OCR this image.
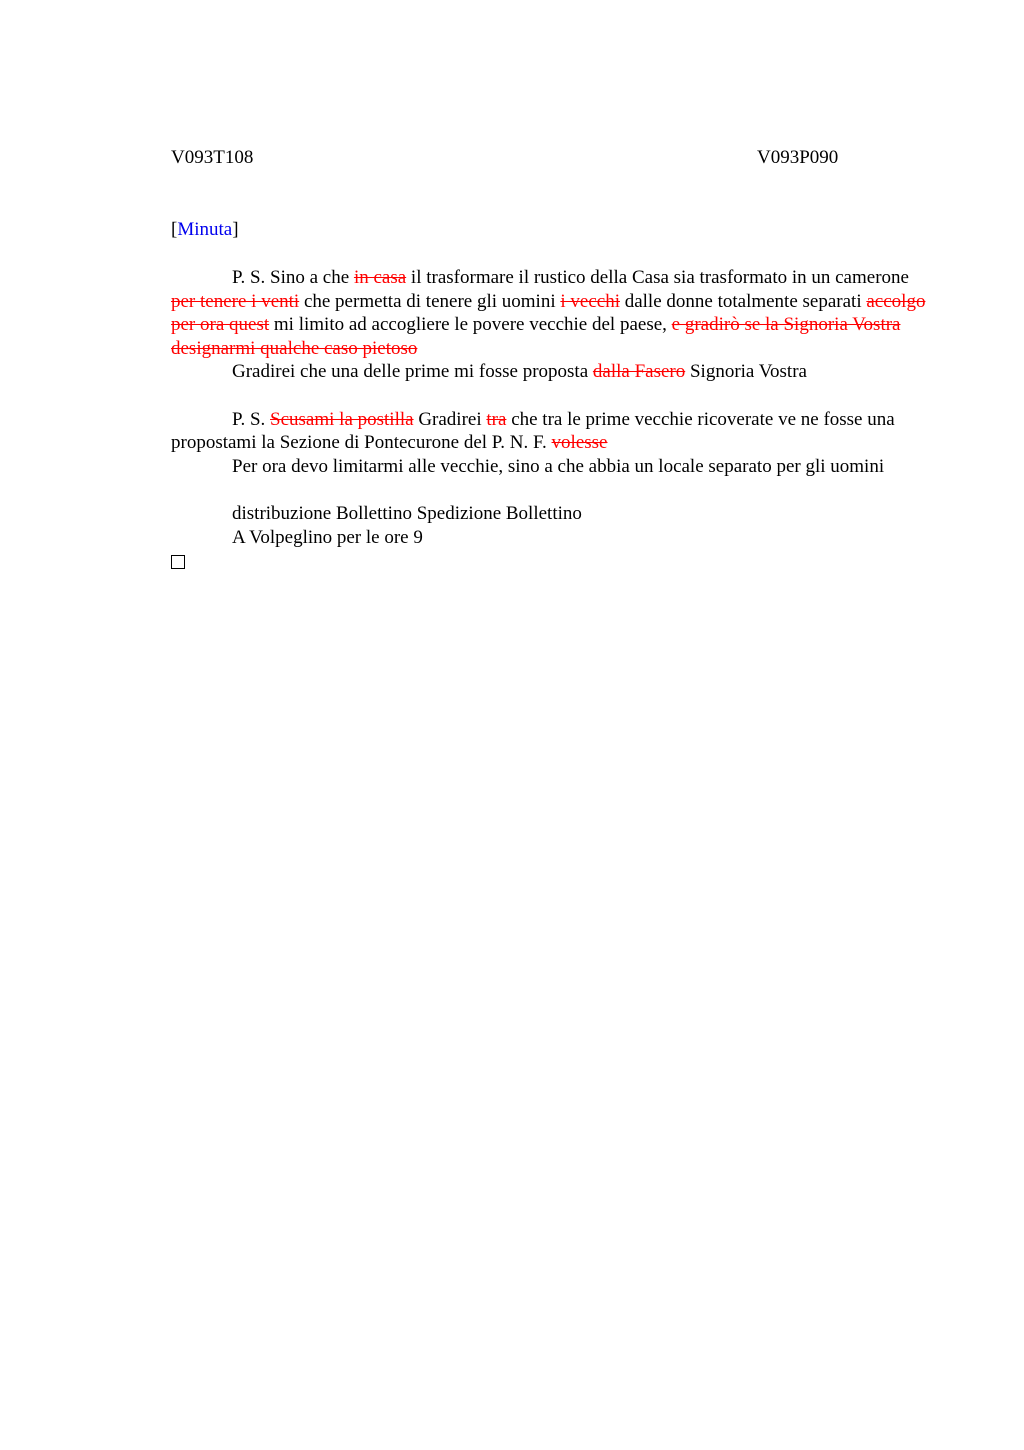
V093T108	V093P090
[Minuta]

P. S. Sino a che in casa il trasformare il rustico della Casa sia trasformato in un camerone per tenere i venti che permetta di tenere gli uomini i vecchi dalle donne totalmente separati accolgo per ora quest mi limito ad accogliere le povere vecchie del paese, e gradirò se la Signoria Vostra designarmi qualche caso pietoso

Gradirei che una delle prime mi fosse proposta dalla Fasero Signoria Vostra

P. S. Scusami la postilla Gradirei tra che tra le prime vecchie ricoverate ve ne fosse una propostami la Sezione di Pontecurone del P. N. F. volesse

Per ora devo limitarmi alle vecchie, sino a che abbia un locale separato per gli uomini

distribuzione Bollettino Spedizione Bollettino

A Volpeglino per le ore 9
